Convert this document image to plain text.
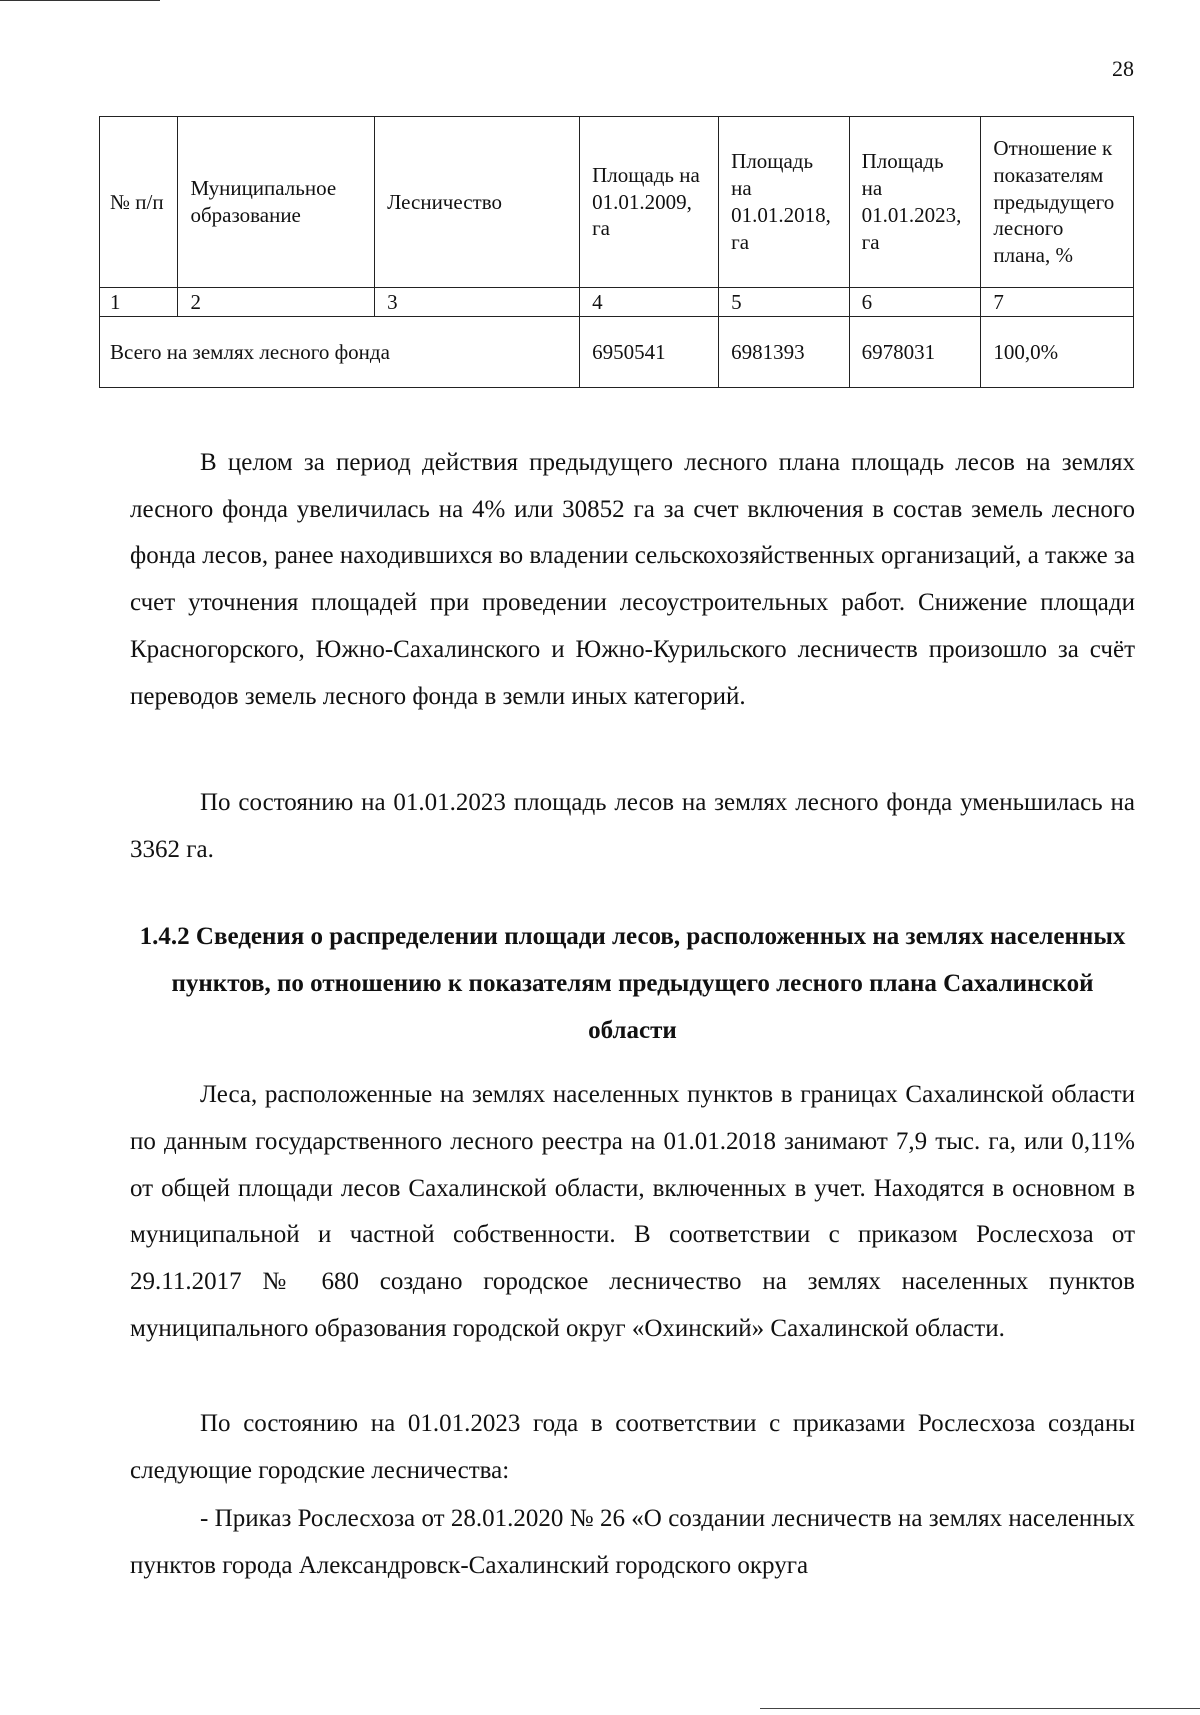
28
№ п/п	Муниципальное образование	Лесничество	Площадь на 01.01.2009, га	Площадь на 01.01.2018, га	Площадь на 01.01.2023, га	Отношение к показателям предыдущего лесного плана, %
1	2	3	4	5	6	7
Всего на землях лесного фонда			6950541	6981393	6978031	100,0%

В целом за период действия предыдущего лесного плана площадь лесов на землях лесного фонда увеличилась на 4% или 30852 га за счет включения в состав земель лесного фонда лесов, ранее находившихся во владении сельскохозяйственных организаций, а также за счет уточнения площадей при проведении лесоустроительных работ. Снижение площади Красногорского, Южно-Сахалинского и Южно-Курильского лесничеств произошло за счёт переводов земель лесного фонда в земли иных категорий.

По состоянию на 01.01.2023 площадь лесов на землях лесного фонда уменьшилась на 3362 га.

1.4.2 Сведения о распределении площади лесов, расположенных на землях населенных пунктов, по отношению к показателям предыдущего лесного плана Сахалинской области

Леса, расположенные на землях населенных пунктов в границах Сахалинской области по данным государственного лесного реестра на 01.01.2018 занимают 7,9 тыс. га, или 0,11% от общей площади лесов Сахалинской области, включенных в учет. Находятся в основном в муниципальной и частной собственности. В соответствии с приказом Рослесхоза от 29.11.2017 № 680 создано городское лесничество на землях населенных пунктов муниципального образования городской округ «Охинский» Сахалинской области.

По состоянию на 01.01.2023 года в соответствии с приказами Рослесхоза созданы следующие городские лесничества:

- Приказ Рослесхоза от 28.01.2020 № 26 «О создании лесничеств на землях населенных пунктов города Александровск-Сахалинский городского округа
